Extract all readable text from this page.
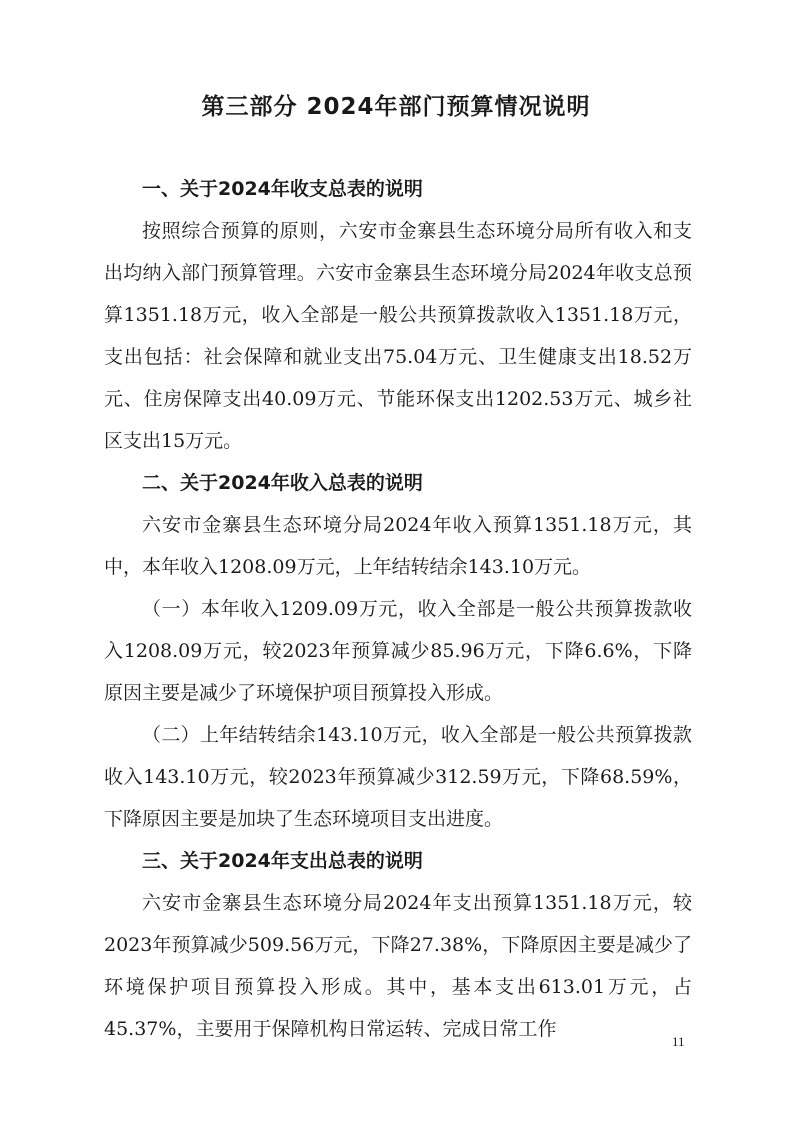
第三部分 2024年部门预算情况说明

一、关于2024年收支总表的说明

按照综合预算的原则，六安市金寨县生态环境分局所有收入和支出均纳入部门预算管理。六安市金寨县生态环境分局2024年收支总预算1351.18万元，收入全部是一般公共预算拨款收入1351.18万元，支出包括：社会保障和就业支出75.04万元、卫生健康支出18.52万元、住房保障支出40.09万元、节能环保支出1202.53万元、城乡社区支出15万元。

二、关于2024年收入总表的说明

六安市金寨县生态环境分局2024年收入预算1351.18万元，其中，本年收入1208.09万元，上年结转结余143.10万元。

（一）本年收入1209.09万元，收入全部是一般公共预算拨款收入1208.09万元，较2023年预算减少85.96万元，下降6.6%，下降原因主要是减少了环境保护项目预算投入形成。

（二）上年结转结余143.10万元，收入全部是一般公共预算拨款收入143.10万元，较2023年预算减少312.59万元，下降68.59%，下降原因主要是加块了生态环境项目支出进度。

三、关于2024年支出总表的说明

六安市金寨县生态环境分局2024年支出预算1351.18万元，较2023年预算减少509.56万元，下降27.38%，下降原因主要是减少了环境保护项目预算投入形成。其中，基本支出613.01万元，占45.37%，主要用于保障机构日常运转、完成日常工作

11
